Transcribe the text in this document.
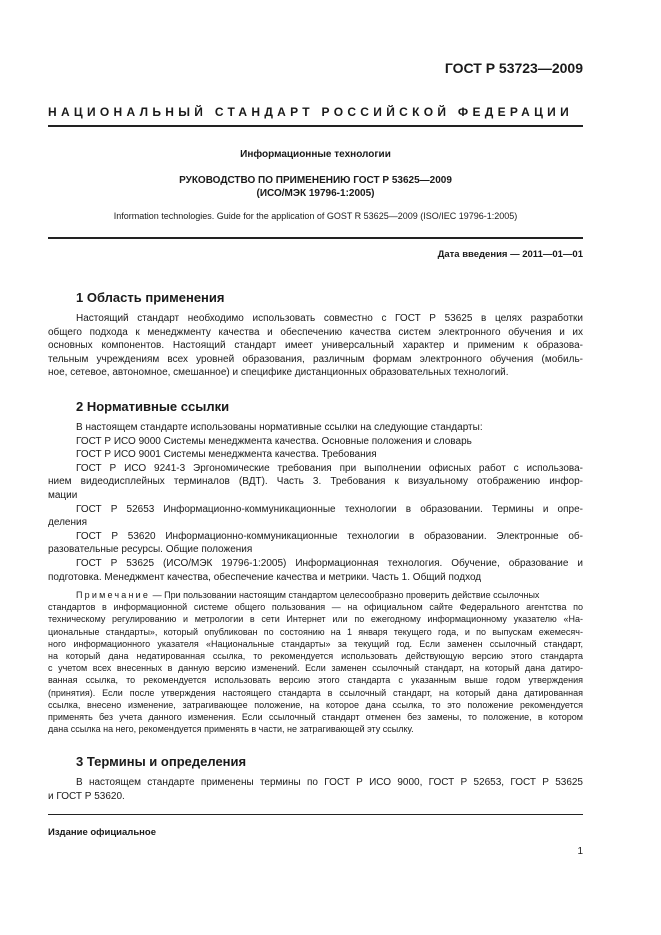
ГОСТ Р 53723—2009
НАЦИОНАЛЬНЫЙ СТАНДАРТ РОССИЙСКОЙ ФЕДЕРАЦИИ
Информационные технологии
РУКОВОДСТВО ПО ПРИМЕНЕНИЮ ГОСТ Р 53625—2009
(ИСО/МЭК 19796-1:2005)
Information technologies. Guide for the application of GOST R 53625—2009 (ISO/IEC 19796-1:2005)
Дата введения — 2011—01—01
1 Область применения
Настоящий стандарт необходимо использовать совместно с ГОСТ Р 53625 в целях разработки
общего подхода к менеджменту качества и обеспечению качества систем электронного обучения и их
основных компонентов. Настоящий стандарт имеет универсальный характер и применим к образова-
тельным учреждениям всех уровней образования, различным формам электронного обучения (мобиль-
ное, сетевое, автономное, смешанное) и специфике дистанционных образовательных технологий.
2 Нормативные ссылки
В настоящем стандарте использованы нормативные ссылки на следующие стандарты:
ГОСТ Р ИСО 9000 Системы менеджмента качества. Основные положения и словарь
ГОСТ Р ИСО 9001 Системы менеджмента качества. Требования
ГОСТ Р ИСО 9241-3 Эргономические требования при выполнении офисных работ с использова-
нием видеодисплейных терминалов (ВДТ). Часть 3. Требования к визуальному отображению инфор-
мации
ГОСТ Р 52653 Информационно-коммуникационные технологии в образовании. Термины и опре-
деления
ГОСТ Р 53620 Информационно-коммуникационные технологии в образовании. Электронные об-
разовательные ресурсы. Общие положения
ГОСТ Р 53625 (ИСО/МЭК 19796-1:2005) Информационная технология. Обучение, образование и
подготовка. Менеджмент качества, обеспечение качества и метрики. Часть 1. Общий подход
Примечание — При пользовании настоящим стандартом целесообразно проверить действие ссылочных
стандартов в информационной системе общего пользования — на официальном сайте Федерального агентства по
техническому регулированию и метрологии в сети Интернет или по ежегодному информационному указателю «На-
циональные стандарты», который опубликован по состоянию на 1 января текущего года, и по выпускам ежемесяч-
ного информационного указателя «Национальные стандарты» за текущий год. Если заменен ссылочный стандарт,
на который дана недатированная ссылка, то рекомендуется использовать действующую версию этого стандарта
с учетом всех внесенных в данную версию изменений. Если заменен ссылочный стандарт, на который дана датиро-
ванная ссылка, то рекомендуется использовать версию этого стандарта с указанным выше годом утверждения
(принятия). Если после утверждения настоящего стандарта в ссылочный стандарт, на который дана датированная
ссылка, внесено изменение, затрагивающее положение, на которое дана ссылка, то это положение рекомендуется
применять без учета данного изменения. Если ссылочный стандарт отменен без замены, то положение, в котором
дана ссылка на него, рекомендуется применять в части, не затрагивающей эту ссылку.
3 Термины и определения
В настоящем стандарте применены термины по ГОСТ Р ИСО 9000, ГОСТ Р 52653, ГОСТ Р 53625
и ГОСТ Р 53620.
Издание официальное
1
